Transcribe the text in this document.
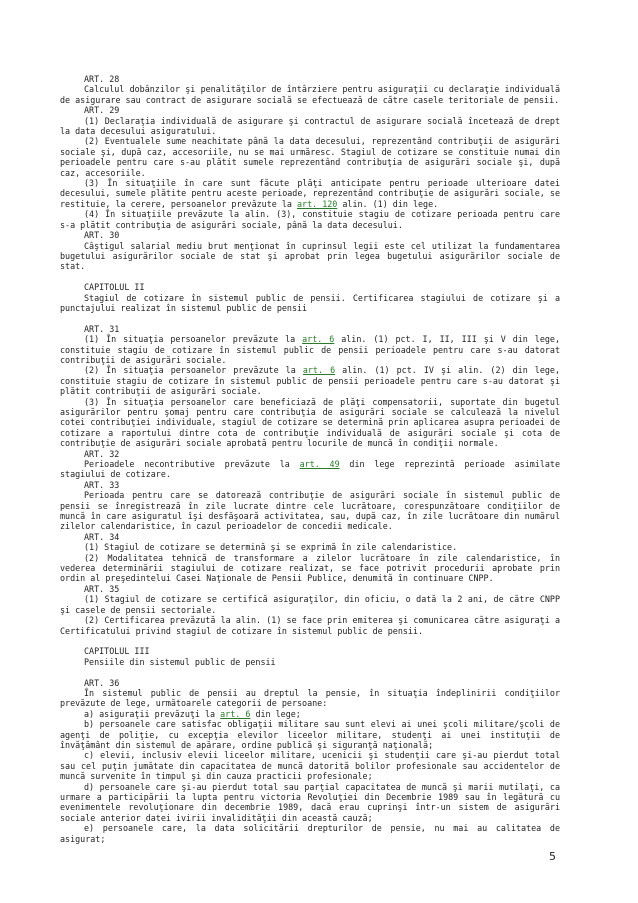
ART. 28
Calculul dobânzilor şi penalităţilor de întârziere pentru asiguraţii cu declaraţie individuală de asigurare sau contract de asigurare socială se efectuează de către casele teritoriale de pensii.
ART. 29
(1) Declaraţia individuală de asigurare şi contractul de asigurare socială încetează de drept la data decesului asiguratului.
(2) Eventualele sume neachitate până la data decesului, reprezentând contribuţii de asigurări sociale şi, după caz, accesoriile, nu se mai urmăresc. Stagiul de cotizare se constituie numai din perioadele pentru care s-au plătit sumele reprezentând contribuţia de asigurări sociale şi, după caz, accesoriile.
(3) În situaţiile în care sunt făcute plăţi anticipate pentru perioade ulterioare datei decesului, sumele plătite pentru aceste perioade, reprezentând contribuţie de asigurări sociale, se restituie, la cerere, persoanelor prevăzute la art. 120 alin. (1) din lege.
(4) În situaţiile prevăzute la alin. (3), constituie stagiu de cotizare perioada pentru care s-a plătit contribuţia de asigurări sociale, până la data decesului.
ART. 30
Câştigul salarial mediu brut menţionat în cuprinsul legii este cel utilizat la fundamentarea bugetului asigurărilor sociale de stat şi aprobat prin legea bugetului asigurărilor sociale de stat.
CAPITOLUL II
Stagiul de cotizare în sistemul public de pensii. Certificarea stagiului de cotizare şi a punctajului realizat în sistemul public de pensii
ART. 31
(1) În situaţia persoanelor prevăzute la art. 6 alin. (1) pct. I, II, III şi V din lege, constituie stagiu de cotizare în sistemul public de pensii perioadele pentru care s-au datorat contribuţii de asigurări sociale.
(2) În situaţia persoanelor prevăzute la art. 6 alin. (1) pct. IV şi alin. (2) din lege, constituie stagiu de cotizare în sistemul public de pensii perioadele pentru care s-au datorat şi plătit contribuţii de asigurări sociale.
(3) În situaţia persoanelor care beneficiază de plăţi compensatorii, suportate din bugetul asigurărilor pentru şomaj pentru care contribuţia de asigurări sociale se calculează la nivelul cotei contribuţiei individuale, stagiul de cotizare se determină prin aplicarea asupra perioadei de cotizare a raportului dintre cota de contribuţie individuală de asigurări sociale şi cota de contribuţie de asigurări sociale aprobată pentru locurile de muncă în condiţii normale.
ART. 32
Perioadele necontributive prevăzute la art. 49 din lege reprezintă perioade asimilate stagiului de cotizare.
ART. 33
Perioada pentru care se datorează contribuţie de asigurări sociale în sistemul public de pensii se înregistrează în zile lucrate dintre cele lucrătoare, corespunzătoare condiţiilor de muncă în care asiguratul îşi desfăşoară activitatea, sau, după caz, în zile lucrătoare din numărul zilelor calendaristice, în cazul perioadelor de concedii medicale.
ART. 34
(1) Stagiul de cotizare se determină şi se exprimă în zile calendaristice.
(2) Modalitatea tehnică de transformare a zilelor lucrătoare în zile calendaristice, în vederea determinării stagiului de cotizare realizat, se face potrivit procedurii aprobate prin ordin al preşedintelui Casei Naţionale de Pensii Publice, denumită în continuare CNPP.
ART. 35
(1) Stagiul de cotizare se certifică asiguraţilor, din oficiu, o dată la 2 ani, de către CNPP şi casele de pensii sectoriale.
(2) Certificarea prevăzută la alin. (1) se face prin emiterea şi comunicarea către asiguraţi a Certificatului privind stagiul de cotizare în sistemul public de pensii.
CAPITOLUL III
Pensiile din sistemul public de pensii
ART. 36
În sistemul public de pensii au dreptul la pensie, în situaţia îndeplinirii condiţiilor prevăzute de lege, următoarele categorii de persoane:
a) asiguraţii prevăzuţi la art. 6 din lege;
b) persoanele care satisfac obligaţii militare sau sunt elevi ai unei şcoli militare/şcoli de agenţi de poliţie, cu excepţia elevilor liceelor militare, studenţi ai unei instituţii de învăţământ din sistemul de apărare, ordine publică şi siguranţă naţională;
c) elevii, inclusiv elevii liceelor militare, ucenicii şi studenţii care şi-au pierdut total sau cel puţin jumătate din capacitatea de muncă datorită bolilor profesionale sau accidentelor de muncă survenite în timpul şi din cauza practicii profesionale;
d) persoanele care şi-au pierdut total sau parţial capacitatea de muncă şi marii mutilaţi, ca urmare a participării la lupta pentru victoria Revoluţiei din Decembrie 1989 sau în legătură cu evenimentele revoluţionare din decembrie 1989, dacă erau cuprinşi într-un sistem de asigurări sociale anterior datei ivirii invalidităţii din această cauză;
e) persoanele care, la data solicitării drepturilor de pensie, nu mai au calitatea de asigurat;
5
